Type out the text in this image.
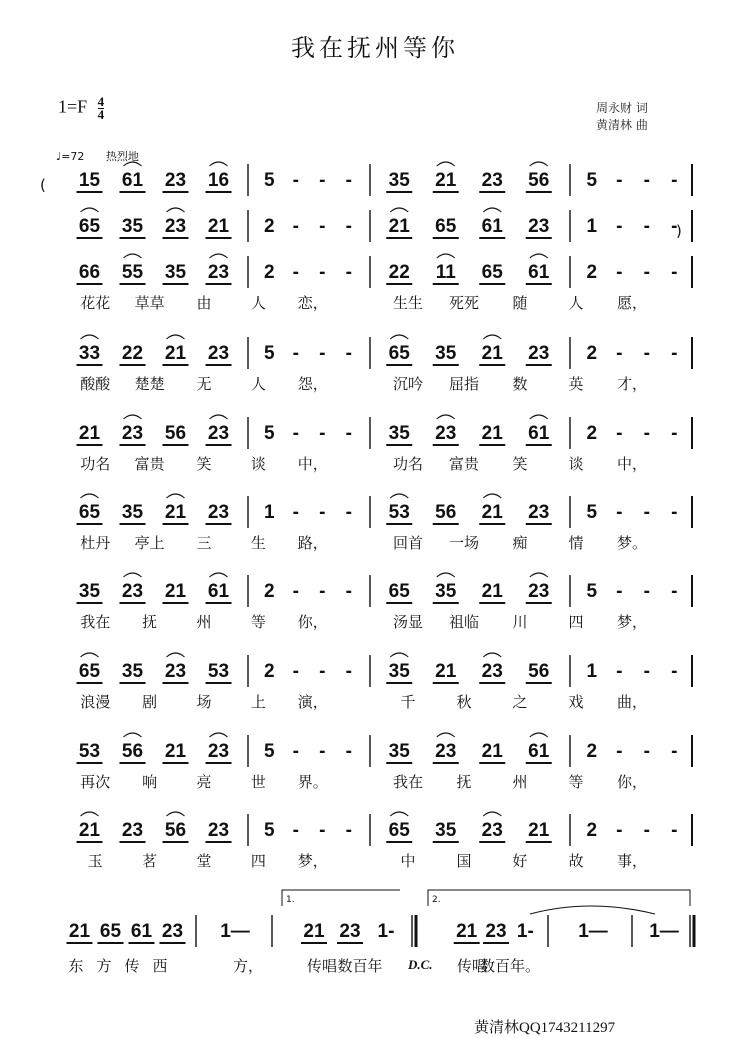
我在抚州等你
$1=F \frac{4}{4}$	周永财 词
黄清林 曲
♩=72 热烈地
( 15 61 23 16 5 - - - 35 21 23 56 5 - - -
)
65 35 23 21 2 - - - 21 65 61 23 1 - - -
66 55 35 23 2 - - - 22 11 65 61 2 - - -
花花 草草 由	人 恋，	生生 死死 随	人 愿，
33 22 21 23 5 - - - 65 35 21 23 2 - - -
酸酸 楚楚 无	人 怨，	沉吟 屈指 数	英 才，
21 23 56 23 5 - - - 35 23 21 61 2 - - -
功名 富贵 笑	谈 中，	功名 富贵 笑	谈 中，
65 35 21 23 1 - - - 53 56 21 23 5 - - -
杜丹 亭上 三	生 路，	回首 一场 痴	情 梦。
35 23 21 61 2 - - - 65 35 21 23 5 - - -
我在 抚	州	等 你，	汤显 祖临 川	四 梦，
65 35 23 53 2 - - - 35 21 23 56 1 - - -
浪漫 剧	场	上 演，	千	秋	之	戏 曲，
53 56 21 23 5 - - - 35 23 21 61 2 - - -
再次 响	亮	世 界。	我在 抚	州	等 你，
21 23 56 23 5 - - - 65 35 23 21 2 - - -
玉	茗	堂	四 梦，	中	国	好	故 事，
21 65 61 23 1—	21 23 1-	21 23 1- 1— 1—
1.	2.
东 方 传 西	方，	传唱 数百年	传唱
数百年。
D.C.
黄清林QQ1743211297
